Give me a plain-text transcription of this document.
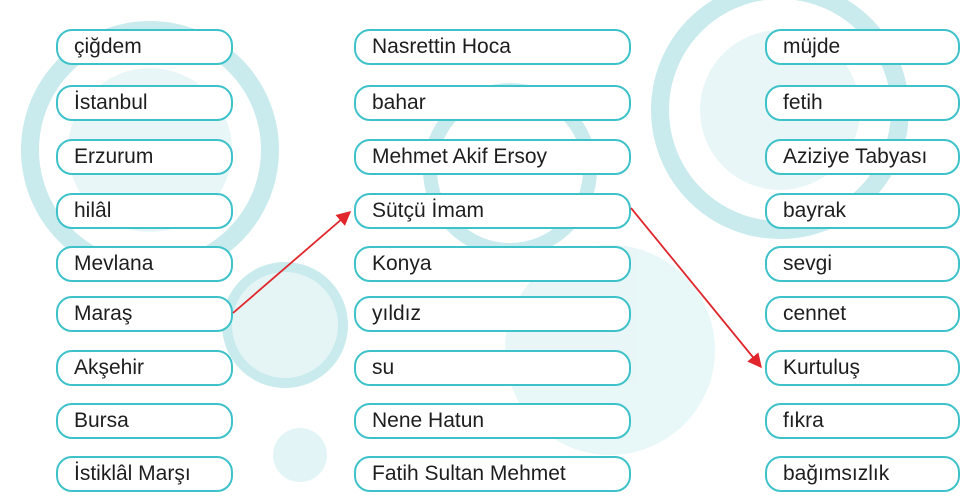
çiğdem
İstanbul
Erzurum
hilâl
Mevlana
Maraş
Akşehir
Bursa
İstiklâl Marşı
Nasrettin Hoca
bahar
Mehmet Akif Ersoy
Sütçü İmam
Konya
yıldız
su
Nene Hatun
Fatih Sultan Mehmet
müjde
fetih
Aziziye Tabyası
bayrak
sevgi
cennet
Kurtuluş
fıkra
bağımsızlık
